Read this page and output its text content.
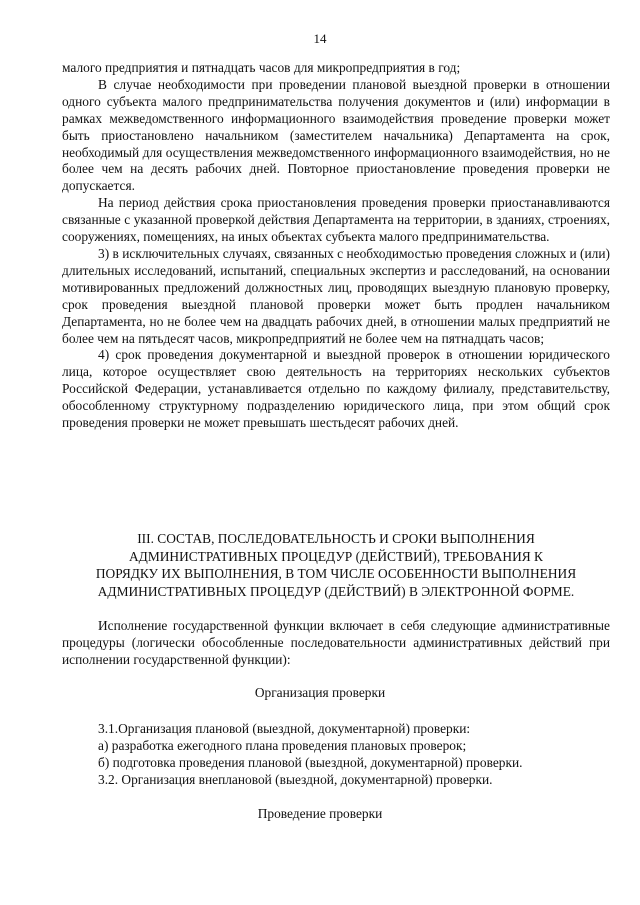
14

малого предприятия и пятнадцать часов для микропредприятия в год;

В случае необходимости при проведении плановой выездной проверки в отношении одного субъекта малого предпринимательства получения документов и (или) информации в рамках межведомственного информационного взаимодействия проведение проверки может быть приостановлено начальником (заместителем начальника) Департамента на срок, необходимый для осуществления межведомственного информационного взаимодействия, но не более чем на десять рабочих дней. Повторное приостановление проведения проверки не допускается.

На период действия срока приостановления проведения проверки приостанавливаются связанные с указанной проверкой действия Департамента на территории, в зданиях, строениях, сооружениях, помещениях, на иных объектах субъекта малого предпринимательства.

3) в исключительных случаях, связанных с необходимостью проведения сложных и (или) длительных исследований, испытаний, специальных экспертиз и расследований, на основании мотивированных предложений должностных лиц, проводящих выездную плановую проверку, срок проведения выездной плановой проверки может быть продлен начальником Департамента, но не более чем на двадцать рабочих дней, в отношении малых предприятий не более чем на пятьдесят часов, микропредприятий не более чем на пятнадцать часов;

4) срок проведения документарной и выездной проверок в отношении юридического лица, которое осуществляет свою деятельность на территориях нескольких субъектов Российской Федерации, устанавливается отдельно по каждому филиалу, представительству, обособленному структурному подразделению юридического лица, при этом общий срок проведения проверки не может превышать шестьдесят рабочих дней.

III. СОСТАВ, ПОСЛЕДОВАТЕЛЬНОСТЬ И СРОКИ ВЫПОЛНЕНИЯ
АДМИНИСТРАТИВНЫХ ПРОЦЕДУР (ДЕЙСТВИЙ), ТРЕБОВАНИЯ К
ПОРЯДКУ ИХ ВЫПОЛНЕНИЯ, В ТОМ ЧИСЛЕ ОСОБЕННОСТИ ВЫПОЛНЕНИЯ
АДМИНИСТРАТИВНЫХ ПРОЦЕДУР (ДЕЙСТВИЙ) В ЭЛЕКТРОННОЙ ФОРМЕ.

Исполнение государственной функции включает в себя следующие административные процедуры (логически обособленные последовательности административных действий при исполнении государственной функции):

Организация проверки
3.1.Организация плановой (выездной, документарной) проверки:
а) разработка ежегодного плана проведения плановых проверок;
б) подготовка проведения плановой (выездной, документарной) проверки.
3.2. Организация внеплановой (выездной, документарной) проверки.
Проведение проверки
